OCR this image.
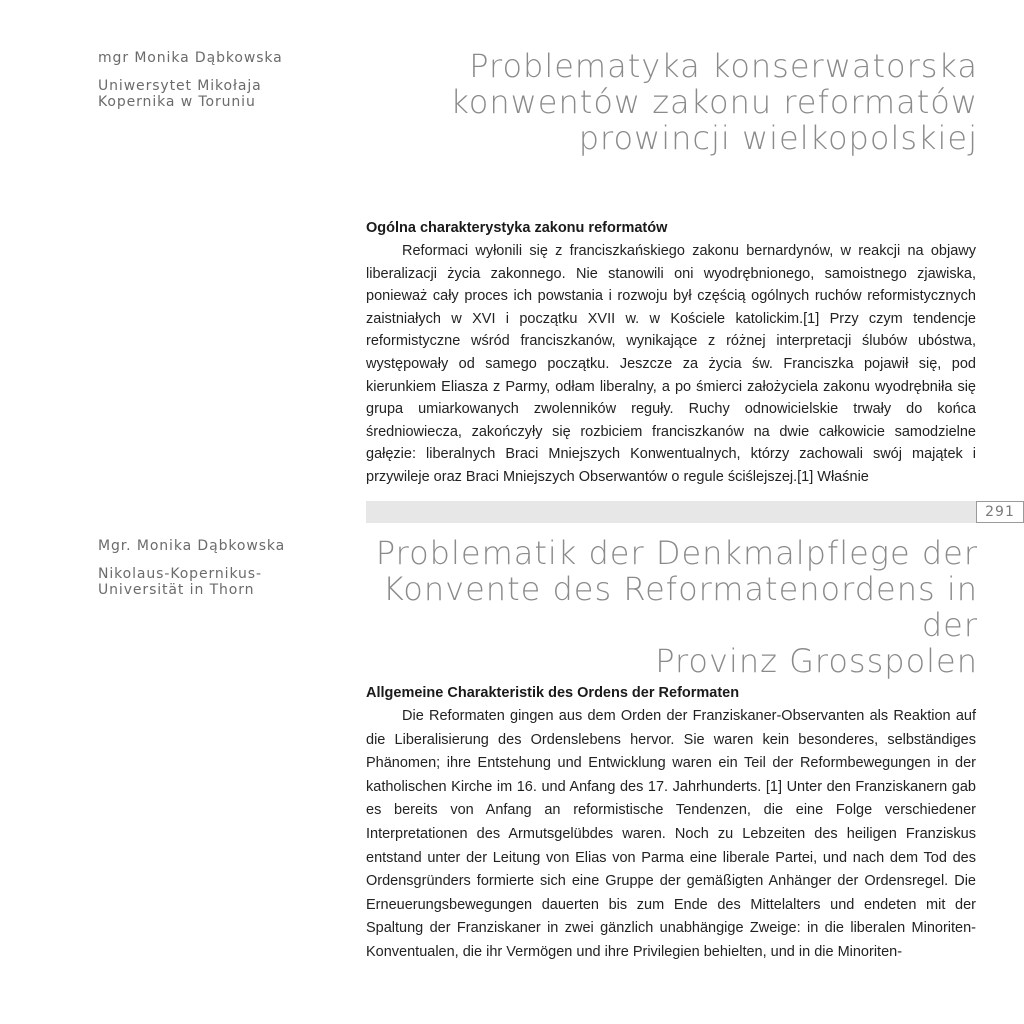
mgr Monika Dąbkowska
Uniwersytet Mikołaja
Kopernika w Toruniu
Problematyka konserwatorska
konwentów zakonu reformatów
prowincji wielkopolskiej
Ogólna charakterystyka zakonu reformatów

Reformaci wyłonili się z franciszkańskiego zakonu bernardynów, w reakcji na objawy liberalizacji życia zakonnego. Nie stanowili oni wyodrębnionego, samoistnego zjawiska, ponieważ cały proces ich powstania i rozwoju był częścią ogólnych ruchów reformistycznych zaistniałych w XVI i początku XVII w. w Kościele katolickim.[1] Przy czym tendencje reformistyczne wśród franciszkanów, wynikające z różnej interpretacji ślubów ubóstwa, występowały od samego początku. Jeszcze za życia św. Franciszka pojawił się, pod kierunkiem Eliasza z Parmy, odłam liberalny, a po śmierci założyciela zakonu wyodrębniła się grupa umiarkowanych zwolenników reguły. Ruchy odnowicielskie trwały do końca średniowiecza, zakończyły się rozbiciem franciszkanów na dwie całkowicie samodzielne gałęzie: liberalnych Braci Mniejszych Konwentualnych, którzy zachowali swój majątek i przywileje oraz Braci Mniejszych Obserwantów o regule ściślejszej.[1] Właśnie

291
Mgr. Monika Dąbkowska
Nikolaus-Kopernikus-
Universität in Thorn
Problematik der Denkmalpflege der
Konvente des Reformatenordens in der
Provinz Grosspolen
Allgemeine Charakteristik des Ordens der Reformaten

Die Reformaten gingen aus dem Orden der Franziskaner-Observanten als Reaktion auf die Liberalisierung des Ordenslebens hervor. Sie waren kein besonderes, selbständiges Phänomen; ihre Entstehung und Entwicklung waren ein Teil der Reformbewegungen in der katholischen Kirche im 16. und Anfang des 17. Jahrhunderts. [1] Unter den Franziskanern gab es bereits von Anfang an reformistische Tendenzen, die eine Folge verschiedener Interpretationen des Armutsgelübdes waren. Noch zu Lebzeiten des heiligen Franziskus entstand unter der Leitung von Elias von Parma eine liberale Partei, und nach dem Tod des Ordensgründers formierte sich eine Gruppe der gemäßigten Anhänger der Ordensregel. Die Erneuerungsbewegungen dauerten bis zum Ende des Mittelalters und endeten mit der Spaltung der Franziskaner in zwei gänzlich unabhängige Zweige: in die liberalen Minoriten-Konventualen, die ihr Vermögen und ihre Privilegien behielten, und in die Minoriten-
